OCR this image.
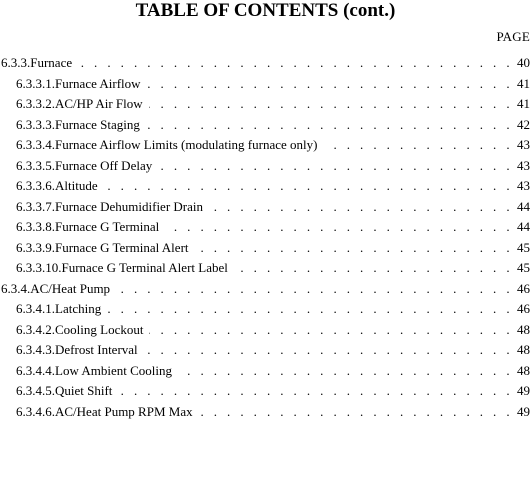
TABLE OF CONTENTS (cont.)
PAGE
6.3.3. Furnace . . .	40
6.3.3.1. Furnace Airflow . . .	41
6.3.3.2. AC/HP Air Flow . . .	41
6.3.3.3. Furnace Staging . . .	42
6.3.3.4. Furnace Airflow Limits (modulating furnace only) . . .	43
6.3.3.5. Furnace Off Delay . . .	43
6.3.3.6. Altitude . . .	43
6.3.3.7. Furnace Dehumidifier Drain . . .	44
6.3.3.8. Furnace G Terminal . . .	44
6.3.3.9. Furnace G Terminal Alert . . .	45
6.3.3.10. Furnace G Terminal Alert Label . . .	45
6.3.4. AC/Heat Pump . . .	46
6.3.4.1. Latching . . .	46
6.3.4.2. Cooling Lockout . . .	48
6.3.4.3. Defrost Interval . . .	48
6.3.4.4. Low Ambient Cooling . . .	48
6.3.4.5. Quiet Shift . . .	49
6.3.4.6. AC/Heat Pump RPM Max . . .	49
